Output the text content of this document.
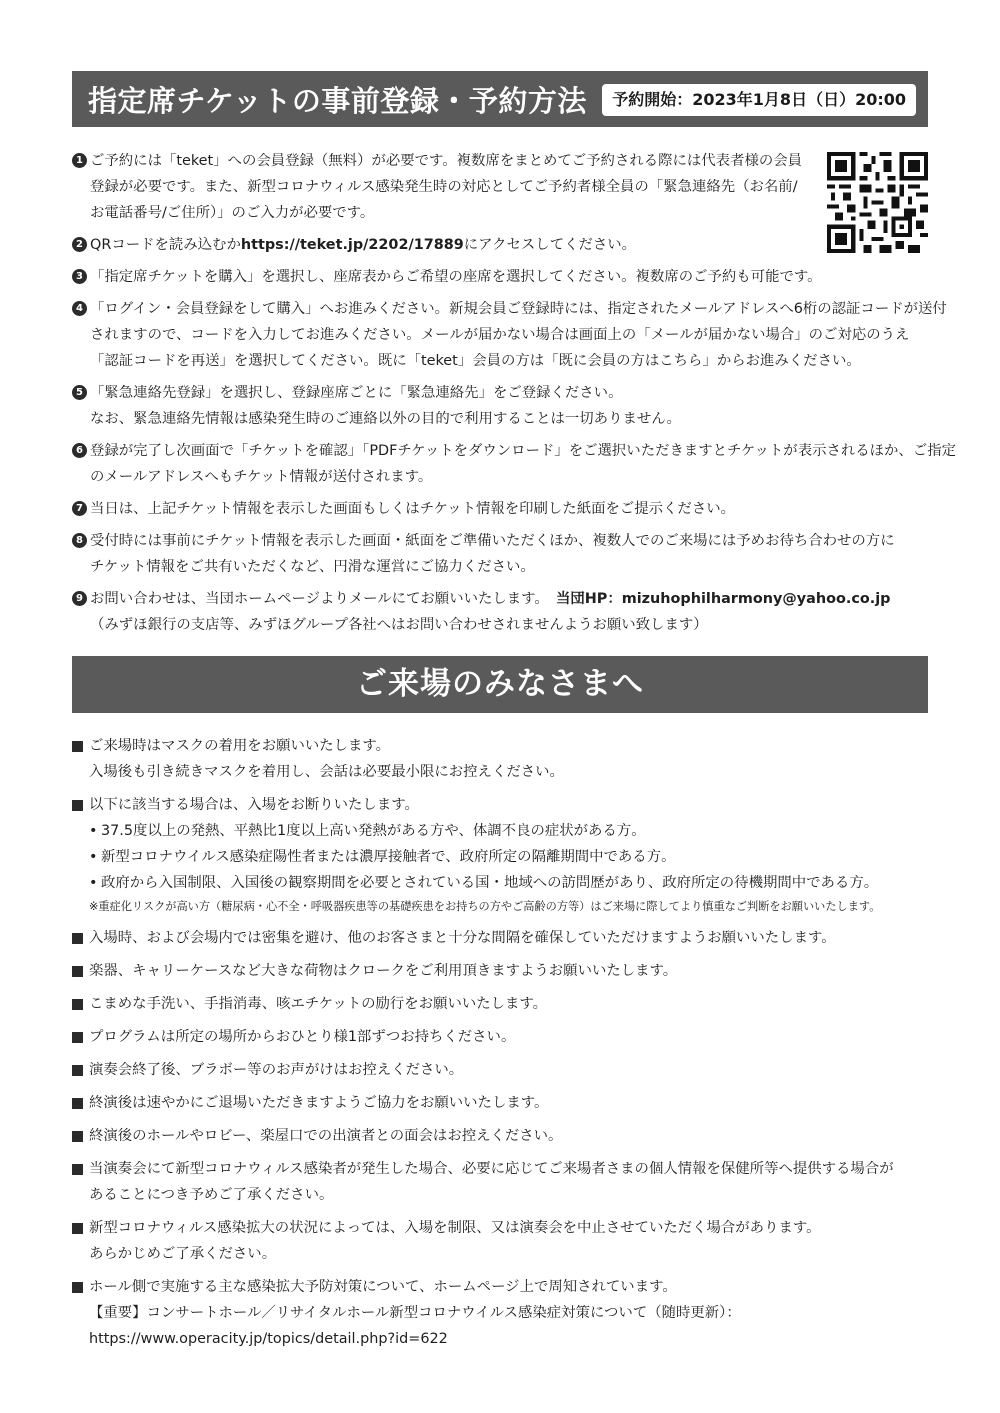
指定席チケットの事前登録・予約方法	予約開始：2023年1月8日（日）20:00
1 ご予約には「teket」への会員登録（無料）が必要です。複数席をまとめてご予約される際には代表者様の会員
登録が必要です。また、新型コロナウィルス感染発生時の対応としてご予約者様全員の「緊急連絡先（お名前/
お電話番号/ご住所）」のご入力が必要です。
2 QRコードを読み込むかhttps://teket.jp/2202/17889にアクセスしてください。
3 「指定席チケットを購入」を選択し、座席表からご希望の座席を選択してください。複数席のご予約も可能です。
4 「ログイン・会員登録をして購入」へお進みください。新規会員ご登録時には、指定されたメールアドレスへ6桁の認証コードが送付
されますので、コードを入力してお進みください。メールが届かない場合は画面上の「メールが届かない場合」のご対応のうえ
「認証コードを再送」を選択してください。既に「teket」会員の方は「既に会員の方はこちら」からお進みください。
5 「緊急連絡先登録」を選択し、登録座席ごとに「緊急連絡先」をご登録ください。
なお、緊急連絡先情報は感染発生時のご連絡以外の目的で利用することは一切ありません。
6 登録が完了し次画面で「チケットを確認」「PDFチケットをダウンロード」をご選択いただきますとチケットが表示されるほか、ご指定
のメールアドレスへもチケット情報が送付されます。
7 当日は、上記チケット情報を表示した画面もしくはチケット情報を印刷した紙面をご提示ください。
8 受付時には事前にチケット情報を表示した画面・紙面をご準備いただくほか、複数人でのご来場には予めお待ち合わせの方に
チケット情報をご共有いただくなど、円滑な運営にご協力ください。
9 お問い合わせは、当団ホームページよりメールにてお願いいたします。　当団HP：mizuhophilharmony@yahoo.co.jp
（みずほ銀行の支店等、みずほグループ各社へはお問い合わせされませんようお願い致します）
ご来場のみなさまへ
ご来場時はマスクの着用をお願いいたします。
入場後も引き続きマスクを着用し、会話は必要最小限にお控えください。
以下に該当する場合は、入場をお断りいたします。
• 37.5度以上の発熱、平熱比1度以上高い発熱がある方や、体調不良の症状がある方。
• 新型コロナウイルス感染症陽性者または濃厚接触者で、政府所定の隔離期間中である方。
• 政府から入国制限、入国後の観察期間を必要とされている国・地域への訪問歴があり、政府所定の待機期間中である方。
※重症化リスクが高い方（糖尿病・心不全・呼吸器疾患等の基礎疾患をお持ちの方やご高齢の方等）はご来場に際してより慎重なご判断をお願いいたします。
入場時、および会場内では密集を避け、他のお客さまと十分な間隔を確保していただけますようお願いいたします。
楽器、キャリーケースなど大きな荷物はクロークをご利用頂きますようお願いいたします。
こまめな手洗い、手指消毒、咳エチケットの励行をお願いいたします。
プログラムは所定の場所からおひとり様1部ずつお持ちください。
演奏会終了後、ブラボー等のお声がけはお控えください。
終演後は速やかにご退場いただきますようご協力をお願いいたします。
終演後のホールやロビー、楽屋口での出演者との面会はお控えください。
当演奏会にて新型コロナウィルス感染者が発生した場合、必要に応じてご来場者さまの個人情報を保健所等へ提供する場合が
あることにつき予めご了承ください。
新型コロナウィルス感染拡大の状況によっては、入場を制限、又は演奏会を中止させていただく場合があります。
あらかじめご了承ください。
ホール側で実施する主な感染拡大予防対策について、ホームページ上で周知されています。
【重要】コンサートホール／リサイタルホール新型コロナウイルス感染症対策について（随時更新）：
https://www.operacity.jp/topics/detail.php?id=622
